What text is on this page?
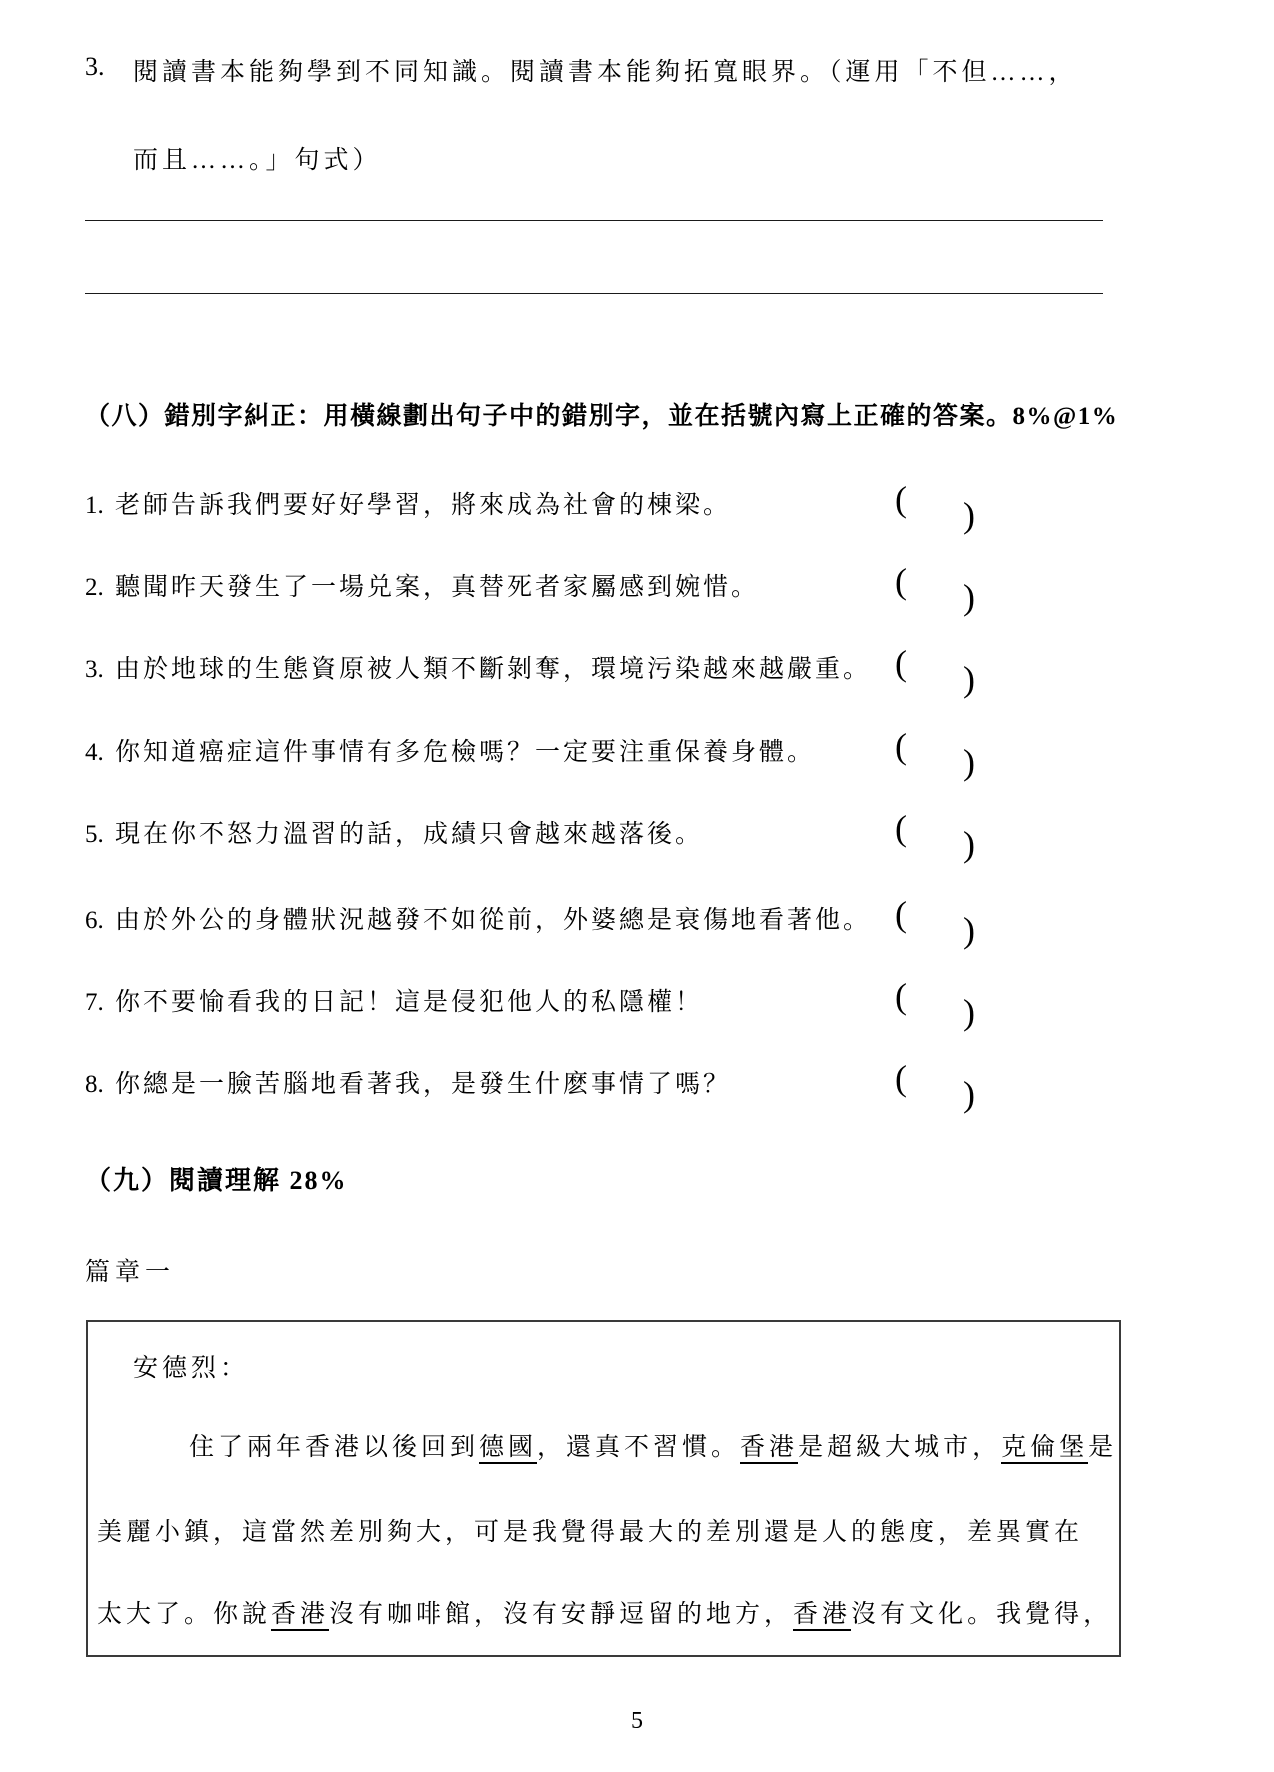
3. 閱讀書本能夠學到不同知識。閱讀書本能夠拓寬眼界。（運用「不但……，
而且……。」句式）
（八）錯別字糾正：用橫線劃出句子中的錯別字，並在括號內寫上正確的答案。8%@1%
1. 老師告訴我們要好好學習，將來成為社會的棟梁。	( )
2. 聽聞昨天發生了一場兑案，真替死者家屬感到婉惜。	( )
3. 由於地球的生態資原被人類不斷剝奪，環境污染越來越嚴重。 ( )
4. 你知道癌症這件事情有多危檢嗎？一定要注重保養身體。 ( )
5. 現在你不怒力溫習的話，成績只會越來越落後。	( )
6. 由於外公的身體狀況越發不如從前，外婆總是衰傷地看著他。 ( )
7. 你不要愉看我的日記！這是侵犯他人的私隱權！	( )
8. 你總是一臉苦腦地看著我，是發生什麽事情了嗎？	( )
（九）閱讀理解 28%
篇章一
安德烈：
住了兩年香港以後回到德國，還真不習慣。香港是超級大城市，克倫堡是
美麗小鎮，這當然差別夠大，可是我覺得最大的差別還是人的態度，差異實在
太大了。你說香港沒有咖啡館，沒有安靜逗留的地方，香港沒有文化。我覺得，
5
